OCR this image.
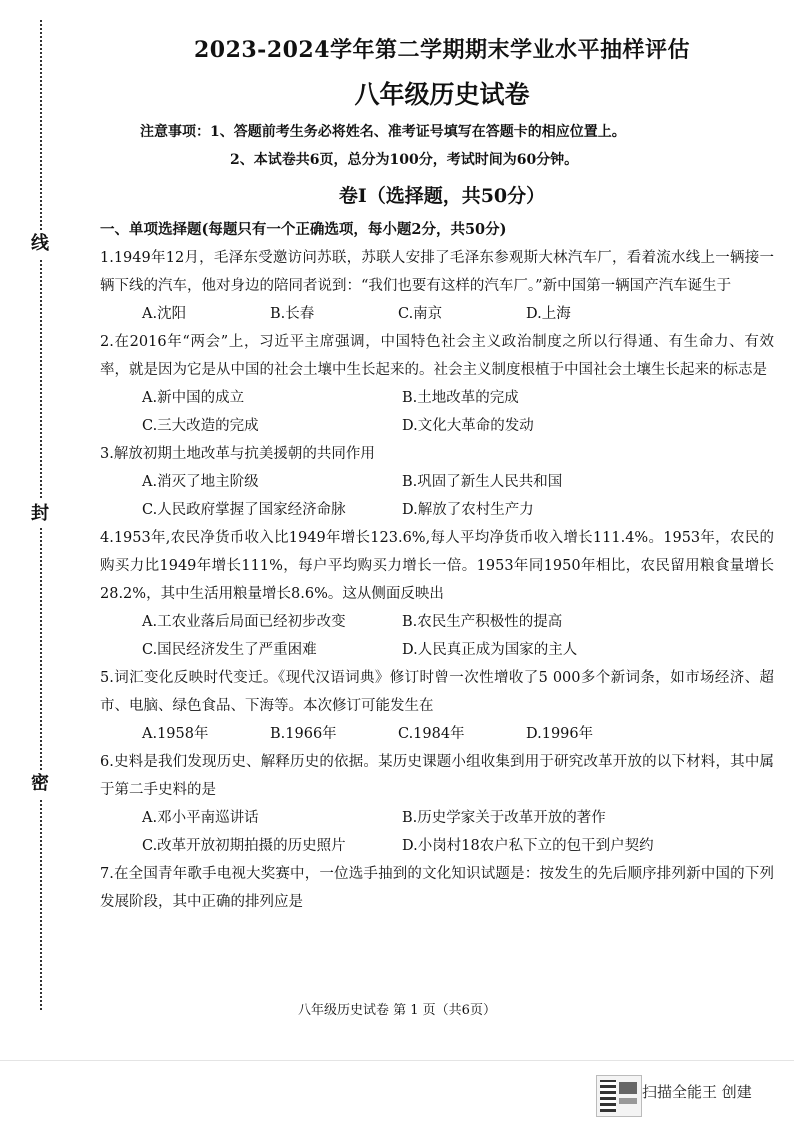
线
封
密
2023-2024学年第二学期期末学业水平抽样评估
八年级历史试卷
注意事项：1、答题前考生务必将姓名、准考证号填写在答题卡的相应位置上。
2、本试卷共6页，总分为100分，考试时间为60分钟。
卷Ⅰ（选择题，共50分）
一、单项选择题(每题只有一个正确选项，每小题2分，共50分)
1.1949年12月，毛泽东受邀访问苏联，苏联人安排了毛泽东参观斯大林汽车厂，看着流水线上一辆接一辆下线的汽车，他对身边的陪同者说到：“我们也要有这样的汽车厂。”新中国第一辆国产汽车诞生于
A.沈阳	B.长春	C.南京	D.上海
2.在2016年“两会”上，习近平主席强调，中国特色社会主义政治制度之所以行得通、有生命力、有效率，就是因为它是从中国的社会土壤中生长起来的。社会主义制度根植于中国社会土壤生长起来的标志是
A.新中国的成立	B.土地改革的完成
C.三大改造的完成	D.文化大革命的发动
3.解放初期土地改革与抗美援朝的共同作用
A.消灭了地主阶级	B.巩固了新生人民共和国
C.人民政府掌握了国家经济命脉	D.解放了农村生产力
4.1953年,农民净货币收入比1949年增长123.6%,每人平均净货币收入增长111.4%。1953年，农民的购买力比1949年增长111%，每户平均购买力增长一倍。1953年同1950年相比，农民留用粮食量增长28.2%，其中生活用粮量增长8.6%。这从侧面反映出
A.工农业落后局面已经初步改变	B.农民生产积极性的提高
C.国民经济发生了严重困难	D.人民真正成为国家的主人
5.词汇变化反映时代变迁。《现代汉语词典》修订时曾一次性增收了5 000多个新词条，如市场经济、超市、电脑、绿色食品、下海等。本次修订可能发生在
A.1958年	B.1966年	C.1984年	D.1996年
6.史料是我们发现历史、解释历史的依据。某历史课题小组收集到用于研究改革开放的以下材料，其中属于第二手史料的是
A.邓小平南巡讲话	B.历史学家关于改革开放的著作
C.改革开放初期拍摄的历史照片	D.小岗村18农户私下立的包干到户契约
7.在全国青年歌手电视大奖赛中，一位选手抽到的文化知识试题是：按发生的先后顺序排列新中国的下列发展阶段，其中正确的排列应是
八年级历史试卷 第 1 页（共6页）
扫描全能王 创建
